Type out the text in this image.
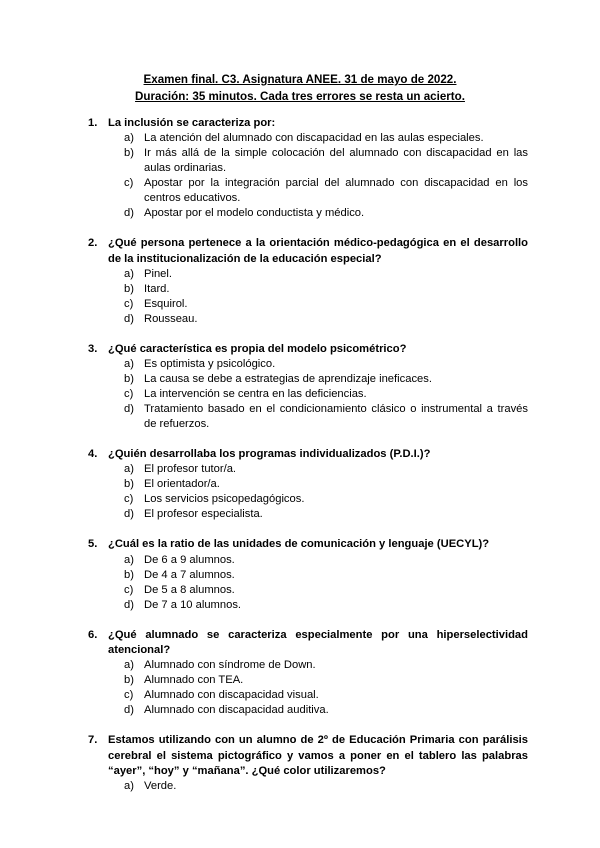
Examen final. C3. Asignatura ANEE. 31 de mayo de 2022.
Duración: 35 minutos. Cada tres errores se resta un acierto.
1. La inclusión se caracteriza por:
a) La atención del alumnado con discapacidad en las aulas especiales.
b) Ir más allá de la simple colocación del alumnado con discapacidad en las aulas ordinarias.
c) Apostar por la integración parcial del alumnado con discapacidad en los centros educativos.
d) Apostar por el modelo conductista y médico.
2. ¿Qué persona pertenece a la orientación médico-pedagógica en el desarrollo de la institucionalización de la educación especial?
a) Pinel.
b) Itard.
c) Esquirol.
d) Rousseau.
3. ¿Qué característica es propia del modelo psicométrico?
a) Es optimista y psicológico.
b) La causa se debe a estrategias de aprendizaje ineficaces.
c) La intervención se centra en las deficiencias.
d) Tratamiento basado en el condicionamiento clásico o instrumental a través de refuerzos.
4. ¿Quién desarrollaba los programas individualizados (P.D.I.)?
a) El profesor tutor/a.
b) El orientador/a.
c) Los servicios psicopedagógicos.
d) El profesor especialista.
5. ¿Cuál es la ratio de las unidades de comunicación y lenguaje (UECYL)?
a) De 6 a 9 alumnos.
b) De 4 a 7 alumnos.
c) De 5 a 8 alumnos.
d) De 7 a 10 alumnos.
6. ¿Qué alumnado se caracteriza especialmente por una hiperselectividad atencional?
a) Alumnado con síndrome de Down.
b) Alumnado con TEA.
c) Alumnado con discapacidad visual.
d) Alumnado con discapacidad auditiva.
7. Estamos utilizando con un alumno de 2º de Educación Primaria con parálisis cerebral el sistema pictográfico y vamos a poner en el tablero las palabras “ayer”, “hoy” y “mañana”. ¿Qué color utilizaremos?
a) Verde.
